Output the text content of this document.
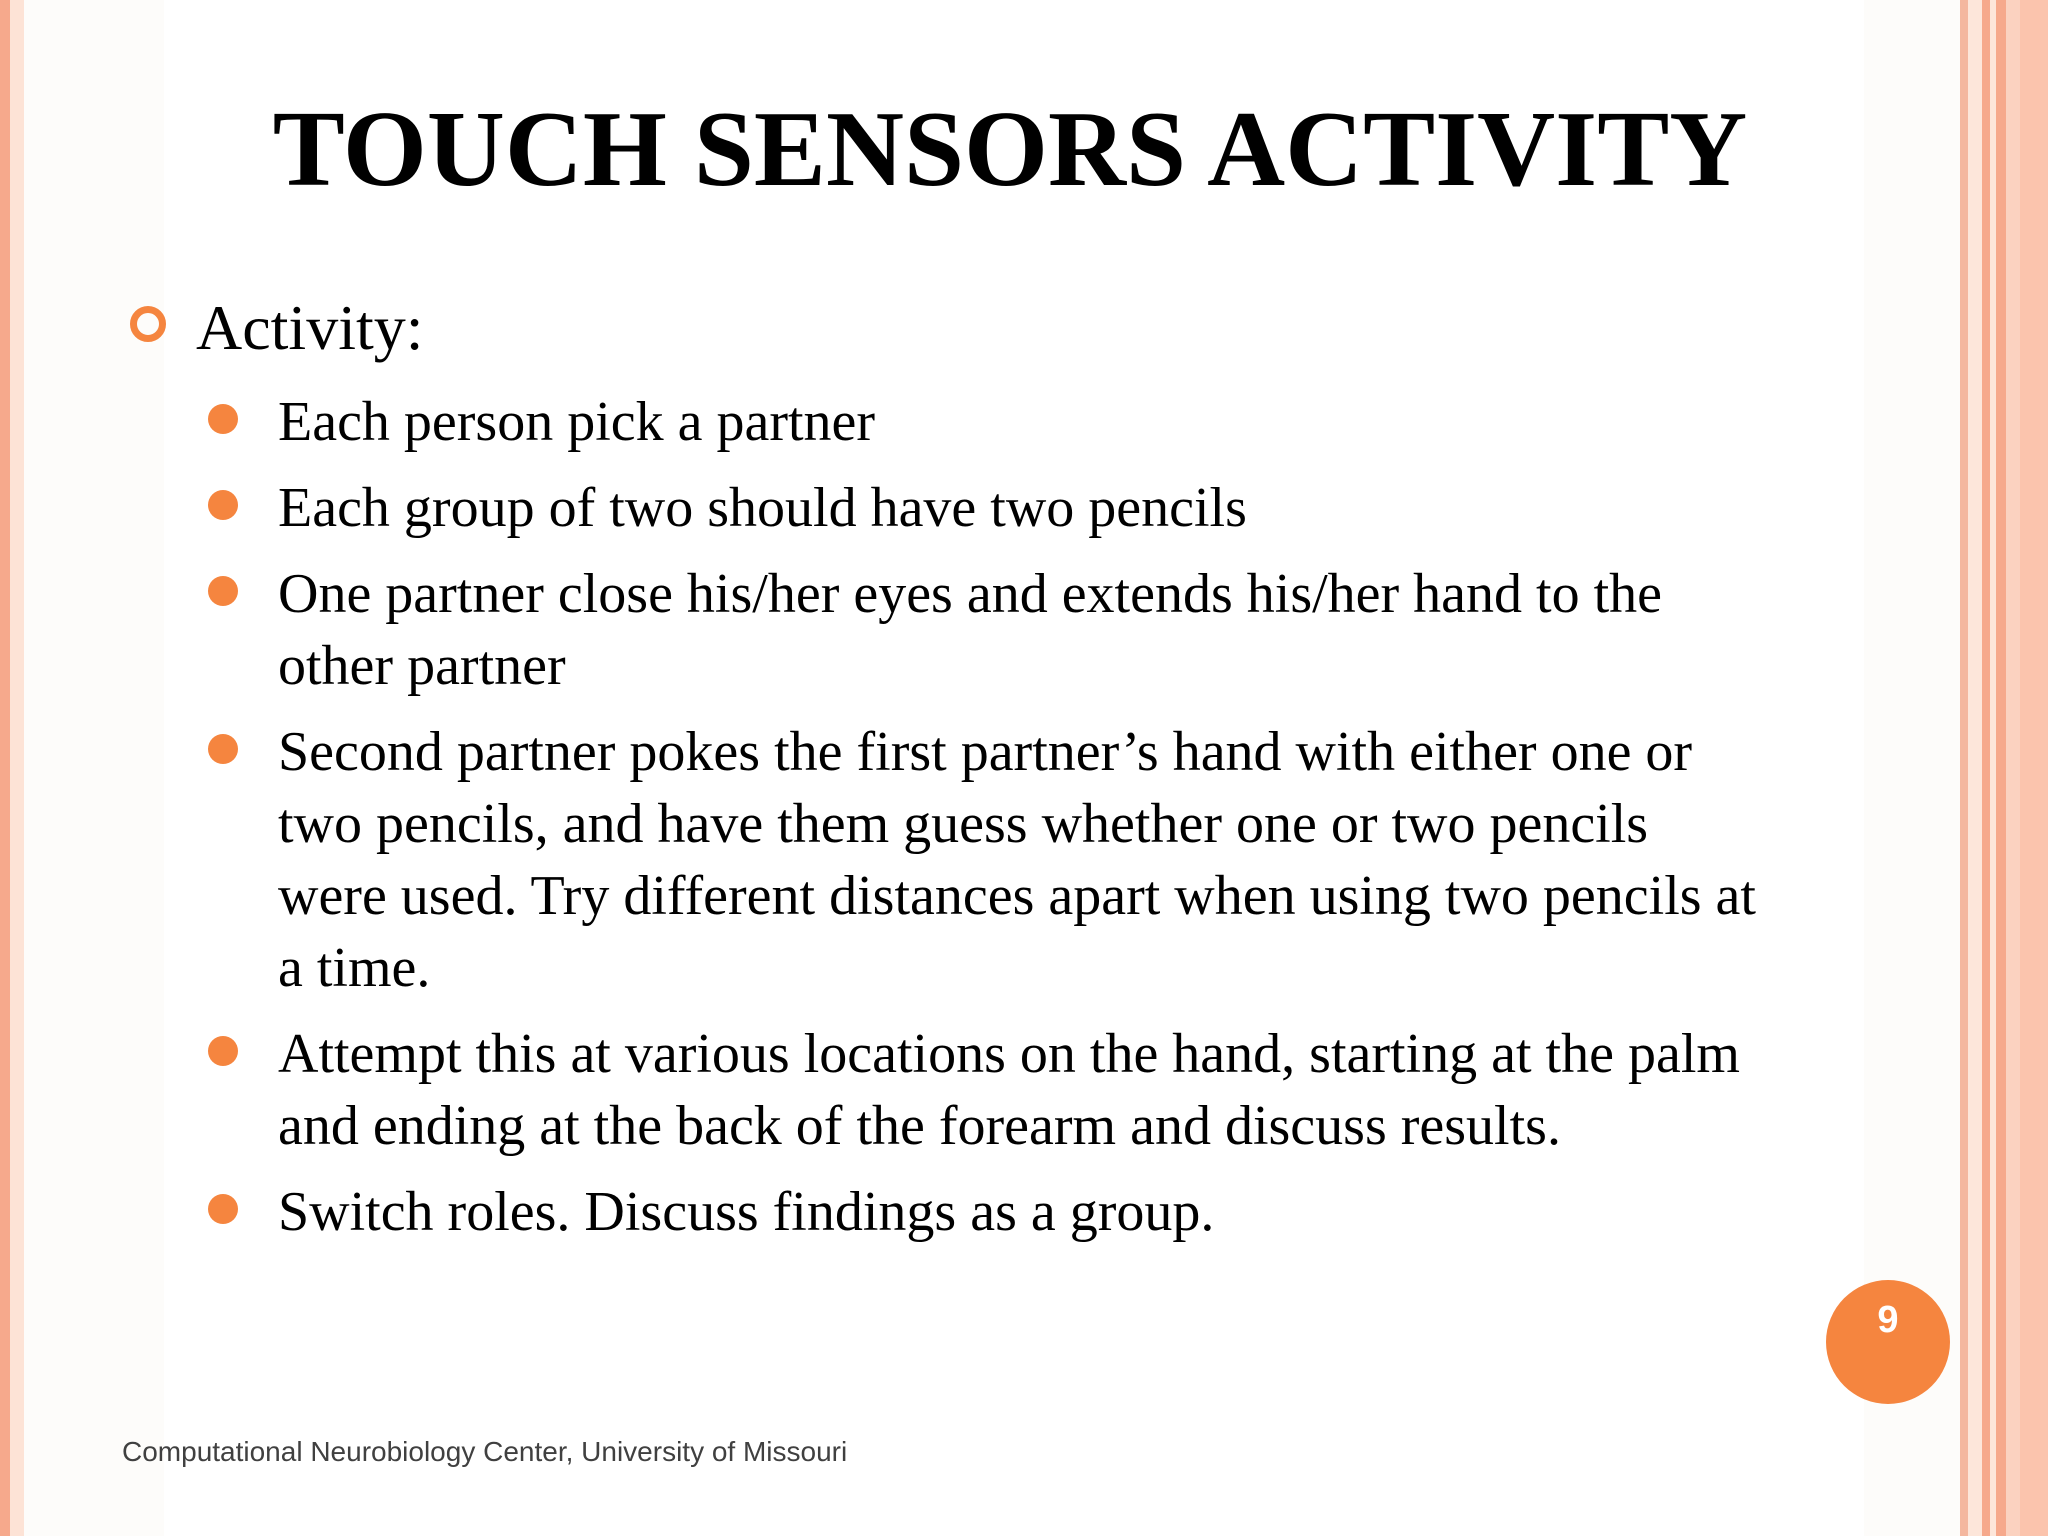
TOUCH SENSORS ACTIVITY
Activity:
Each person pick a partner
Each group of two should have two pencils
One partner close his/her eyes and extends his/her hand to the other partner
Second partner pokes the first partner’s hand with either one or two pencils, and have them guess whether one or two pencils were used. Try different distances apart when using two pencils at a time.
Attempt this at various locations on the hand, starting at the palm and ending at the back of the forearm and discuss results.
Switch roles. Discuss findings as a group.
9
Computational Neurobiology Center, University of Missouri
